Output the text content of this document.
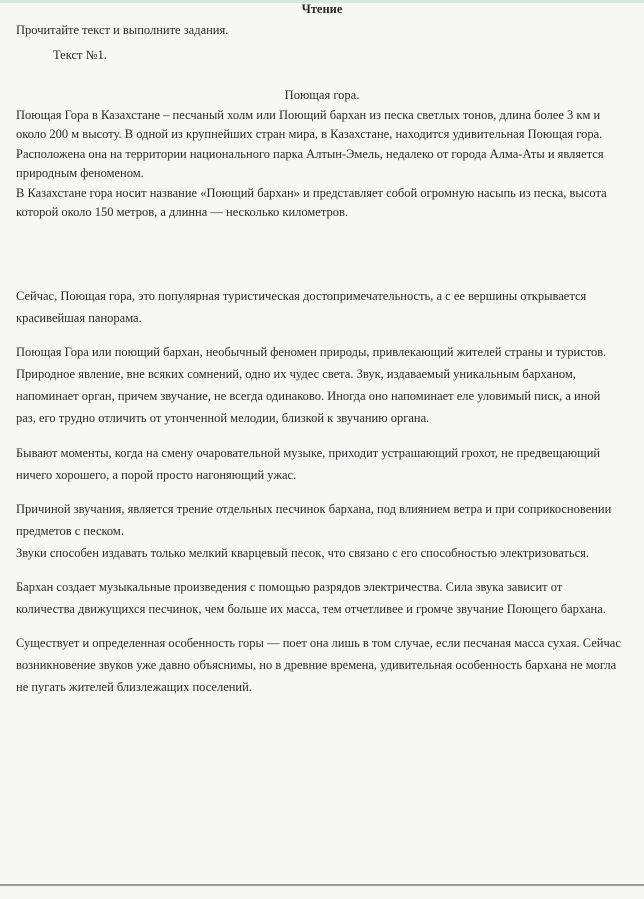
Чтение
Прочитайте текст и выполните задания.
Текст №1.
Поющая гора.

Поющая Гора в Казахстане – песчаный холм или Поющий бархан из песка светлых тонов, длина более 3 км и около 200 м высоту. В одной из крупнейших стран мира, в Казахстане, находится удивительная Поющая гора. Расположена она на территории национального парка Алтын-Эмель, недалеко от города Алма-Аты и является природным феноменом.
В Казахстане гора носит название «Поющий бархан» и представляет собой огромную насыпь из песка, высота которой около 150 метров, а длинна — несколько километров.

Сейчас, Поющая гора, это популярная туристическая достопримечательность, а с ее вершины открывается красивейшая панорама.

Поющая Гора или поющий бархан, необычный феномен природы, привлекающий жителей страны и туристов. Природное явление, вне всяких сомнений, одно их чудес света. Звук, издаваемый уникальным барханом, напоминает орган, причем звучание, не всегда одинаково. Иногда оно напоминает еле уловимый писк, а иной раз, его трудно отличить от утонченной мелодии, близкой к звучанию органа.

Бывают моменты, когда на смену очаровательной музыке, приходит устрашающий грохот, не предвещающий ничего хорошего, а порой просто нагоняющий ужас.

Причиной звучания, является трение отдельных песчинок бархана, под влиянием ветра и при соприкосновении предметов с песком.
Звуки способен издавать только мелкий кварцевый песок, что связано с его способностью электризоваться.

Бархан создает музыкальные произведения с помощью разрядов электричества. Сила звука зависит от количества движущихся песчинок, чем больше их масса, тем отчетливее и громче звучание Поющего бархана.

Существует и определенная особенность горы — поет она лишь в том случае, если песчаная масса сухая. Сейчас возникновение звуков уже давно объяснимы, но в древние времена, удивительная особенность бархана не могла не пугать жителей близлежащих поселений.
